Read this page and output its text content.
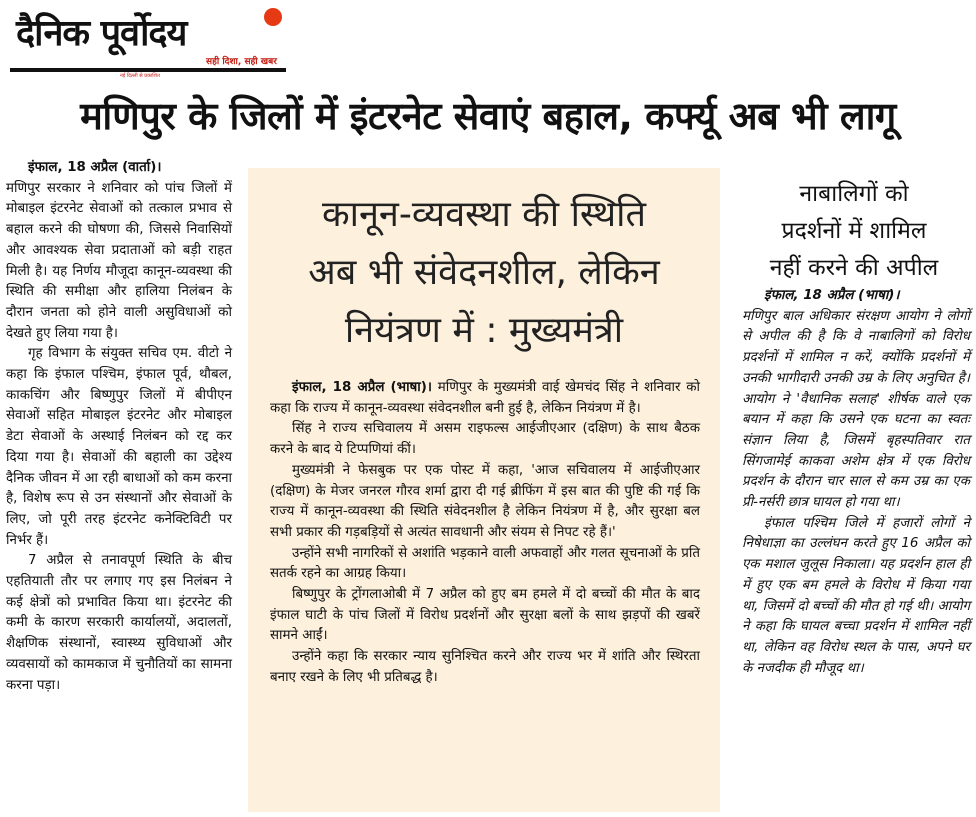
दैनिक पूर्वोदय
सही दिशा, सही खबर
नई दिल्ली से प्रकाशित
मणिपुर के जिलों में इंटरनेट सेवाएं बहाल, कर्फ्यू अब भी लागू

इंफाल, 18 अप्रैल (वार्ता)।

मणिपुर सरकार ने शनिवार को पांच जिलों में मोबाइल इंटरनेट सेवाओं को तत्काल प्रभाव से बहाल करने की घोषणा की, जिससे निवासियों और आवश्यक सेवा प्रदाताओं को बड़ी राहत मिली है। यह निर्णय मौजूदा कानून-व्यवस्था की स्थिति की समीक्षा और हालिया निलंबन के दौरान जनता को होने वाली असुविधाओं को देखते हुए लिया गया है।

गृह विभाग के संयुक्त सचिव एम. वीटो ने कहा कि इंफाल पश्चिम, इंफाल पूर्व, थौबल, काकचिंग और बिष्णुपुर जिलों में बीपीएन सेवाओं सहित मोबाइल इंटरनेट और मोबाइल डेटा सेवाओं के अस्थाई निलंबन को रद्द कर दिया गया है। सेवाओं की बहाली का उद्देश्य दैनिक जीवन में आ रही बाधाओं को कम करना है, विशेष रूप से उन संस्थानों और सेवाओं के लिए, जो पूरी तरह इंटरनेट कनेक्टिविटी पर निर्भर हैं।

7 अप्रैल से तनावपूर्ण स्थिति के बीच एहतियाती तौर पर लगाए गए इस निलंबन ने कई क्षेत्रों को प्रभावित किया था। इंटरनेट की कमी के कारण सरकारी कार्यालयों, अदालतों, शैक्षणिक संस्थानों, स्वास्थ्य सुविधाओं और व्यवसायों को कामकाज में चुनौतियों का सामना करना पड़ा।

कानून-व्यवस्था की स्थिति
अब भी संवेदनशील, लेकिन
नियंत्रण में : मुख्यमंत्री

इंफाल, 18 अप्रैल (भाषा)। मणिपुर के मुख्यमंत्री वाई खेमचंद सिंह ने शनिवार को कहा कि राज्य में कानून-व्यवस्था संवेदनशील बनी हुई है, लेकिन नियंत्रण में है।

सिंह ने राज्य सचिवालय में असम राइफल्स आईजीएआर (दक्षिण) के साथ बैठक करने के बाद ये टिप्पणियां कीं।

मुख्यमंत्री ने फेसबुक पर एक पोस्ट में कहा, 'आज सचिवालय में आईजीएआर (दक्षिण) के मेजर जनरल गौरव शर्मा द्वारा दी गई ब्रीफिंग में इस बात की पुष्टि की गई कि राज्य में कानून-व्यवस्था की स्थिति संवेदनशील है लेकिन नियंत्रण में है, और सुरक्षा बल सभी प्रकार की गड़बड़ियों से अत्यंत सावधानी और संयम से निपट रहे हैं।'

उन्होंने सभी नागरिकों से अशांति भड़काने वाली अफवाहों और गलत सूचनाओं के प्रति सतर्क रहने का आग्रह किया।

बिष्णुपुर के ट्रोंगलाओबी में 7 अप्रैल को हुए बम हमले में दो बच्चों की मौत के बाद इंफाल घाटी के पांच जिलों में विरोध प्रदर्शनों और सुरक्षा बलों के साथ झड़पों की खबरें सामने आईं।

उन्होंने कहा कि सरकार न्याय सुनिश्चित करने और राज्य भर में शांति और स्थिरता बनाए रखने के लिए भी प्रतिबद्ध है।

नाबालिगों को
प्रदर्शनों में शामिल
नहीं करने की अपील

इंफाल, 18 अप्रैल (भाषा)।

मणिपुर बाल अधिकार संरक्षण आयोग ने लोगों से अपील की है कि वे नाबालिगों को विरोध प्रदर्शनों में शामिल न करें, क्योंकि प्रदर्शनों में उनकी भागीदारी उनकी उम्र के लिए अनुचित है। आयोग ने 'वैधानिक सलाह' शीर्षक वाले एक बयान में कहा कि उसने एक घटना का स्वतः संज्ञान लिया है, जिसमें बृहस्पतिवार रात सिंगजामेई काकवा अशेम क्षेत्र में एक विरोध प्रदर्शन के दौरान चार साल से कम उम्र का एक प्री-नर्सरी छात्र घायल हो गया था।

इंफाल पश्चिम जिले में हजारों लोगों ने निषेधाज्ञा का उल्लंघन करते हुए 16 अप्रैल को एक मशाल जुलूस निकाला। यह प्रदर्शन हाल ही में हुए एक बम हमले के विरोध में किया गया था, जिसमें दो बच्चों की मौत हो गई थी। आयोग ने कहा कि घायल बच्चा प्रदर्शन में शामिल नहीं था, लेकिन वह विरोध स्थल के पास, अपने घर के नजदीक ही मौजूद था।
